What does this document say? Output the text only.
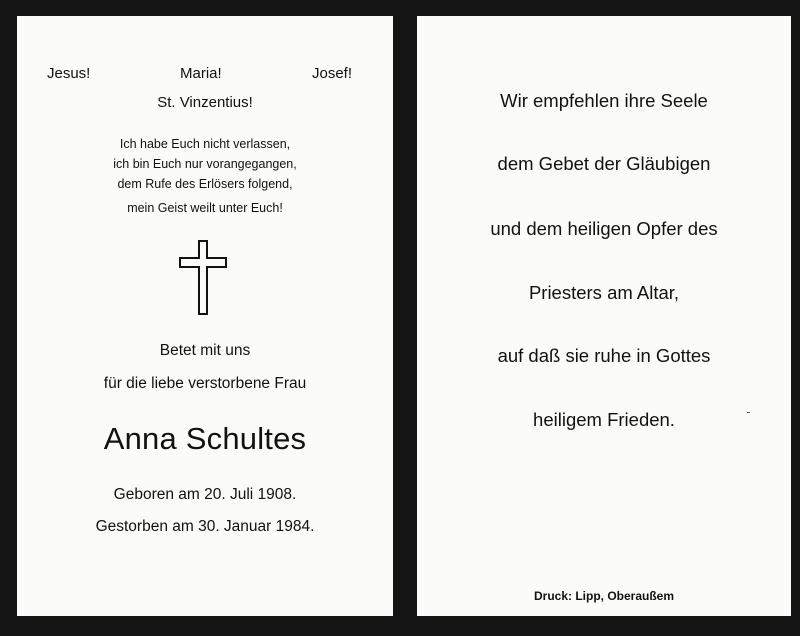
Jesus!	Maria!	Josef!

St. Vinzentius!

Ich habe Euch nicht verlassen,

ich bin Euch nur vorangegangen,

dem Rufe des Erlösers folgend,

mein Geist weilt unter Euch!

Betet mit uns

für die liebe verstorbene Frau

Anna Schultes

Geboren am 20. Juli 1908.

Gestorben am 30. Januar 1984.

Wir empfehlen ihre Seele

dem Gebet der Gläubigen

und dem heiligen Opfer des

Priesters am Altar,

auf daß sie ruhe in Gottes

heiligem Frieden.

Druck: Lipp, Oberaußem
